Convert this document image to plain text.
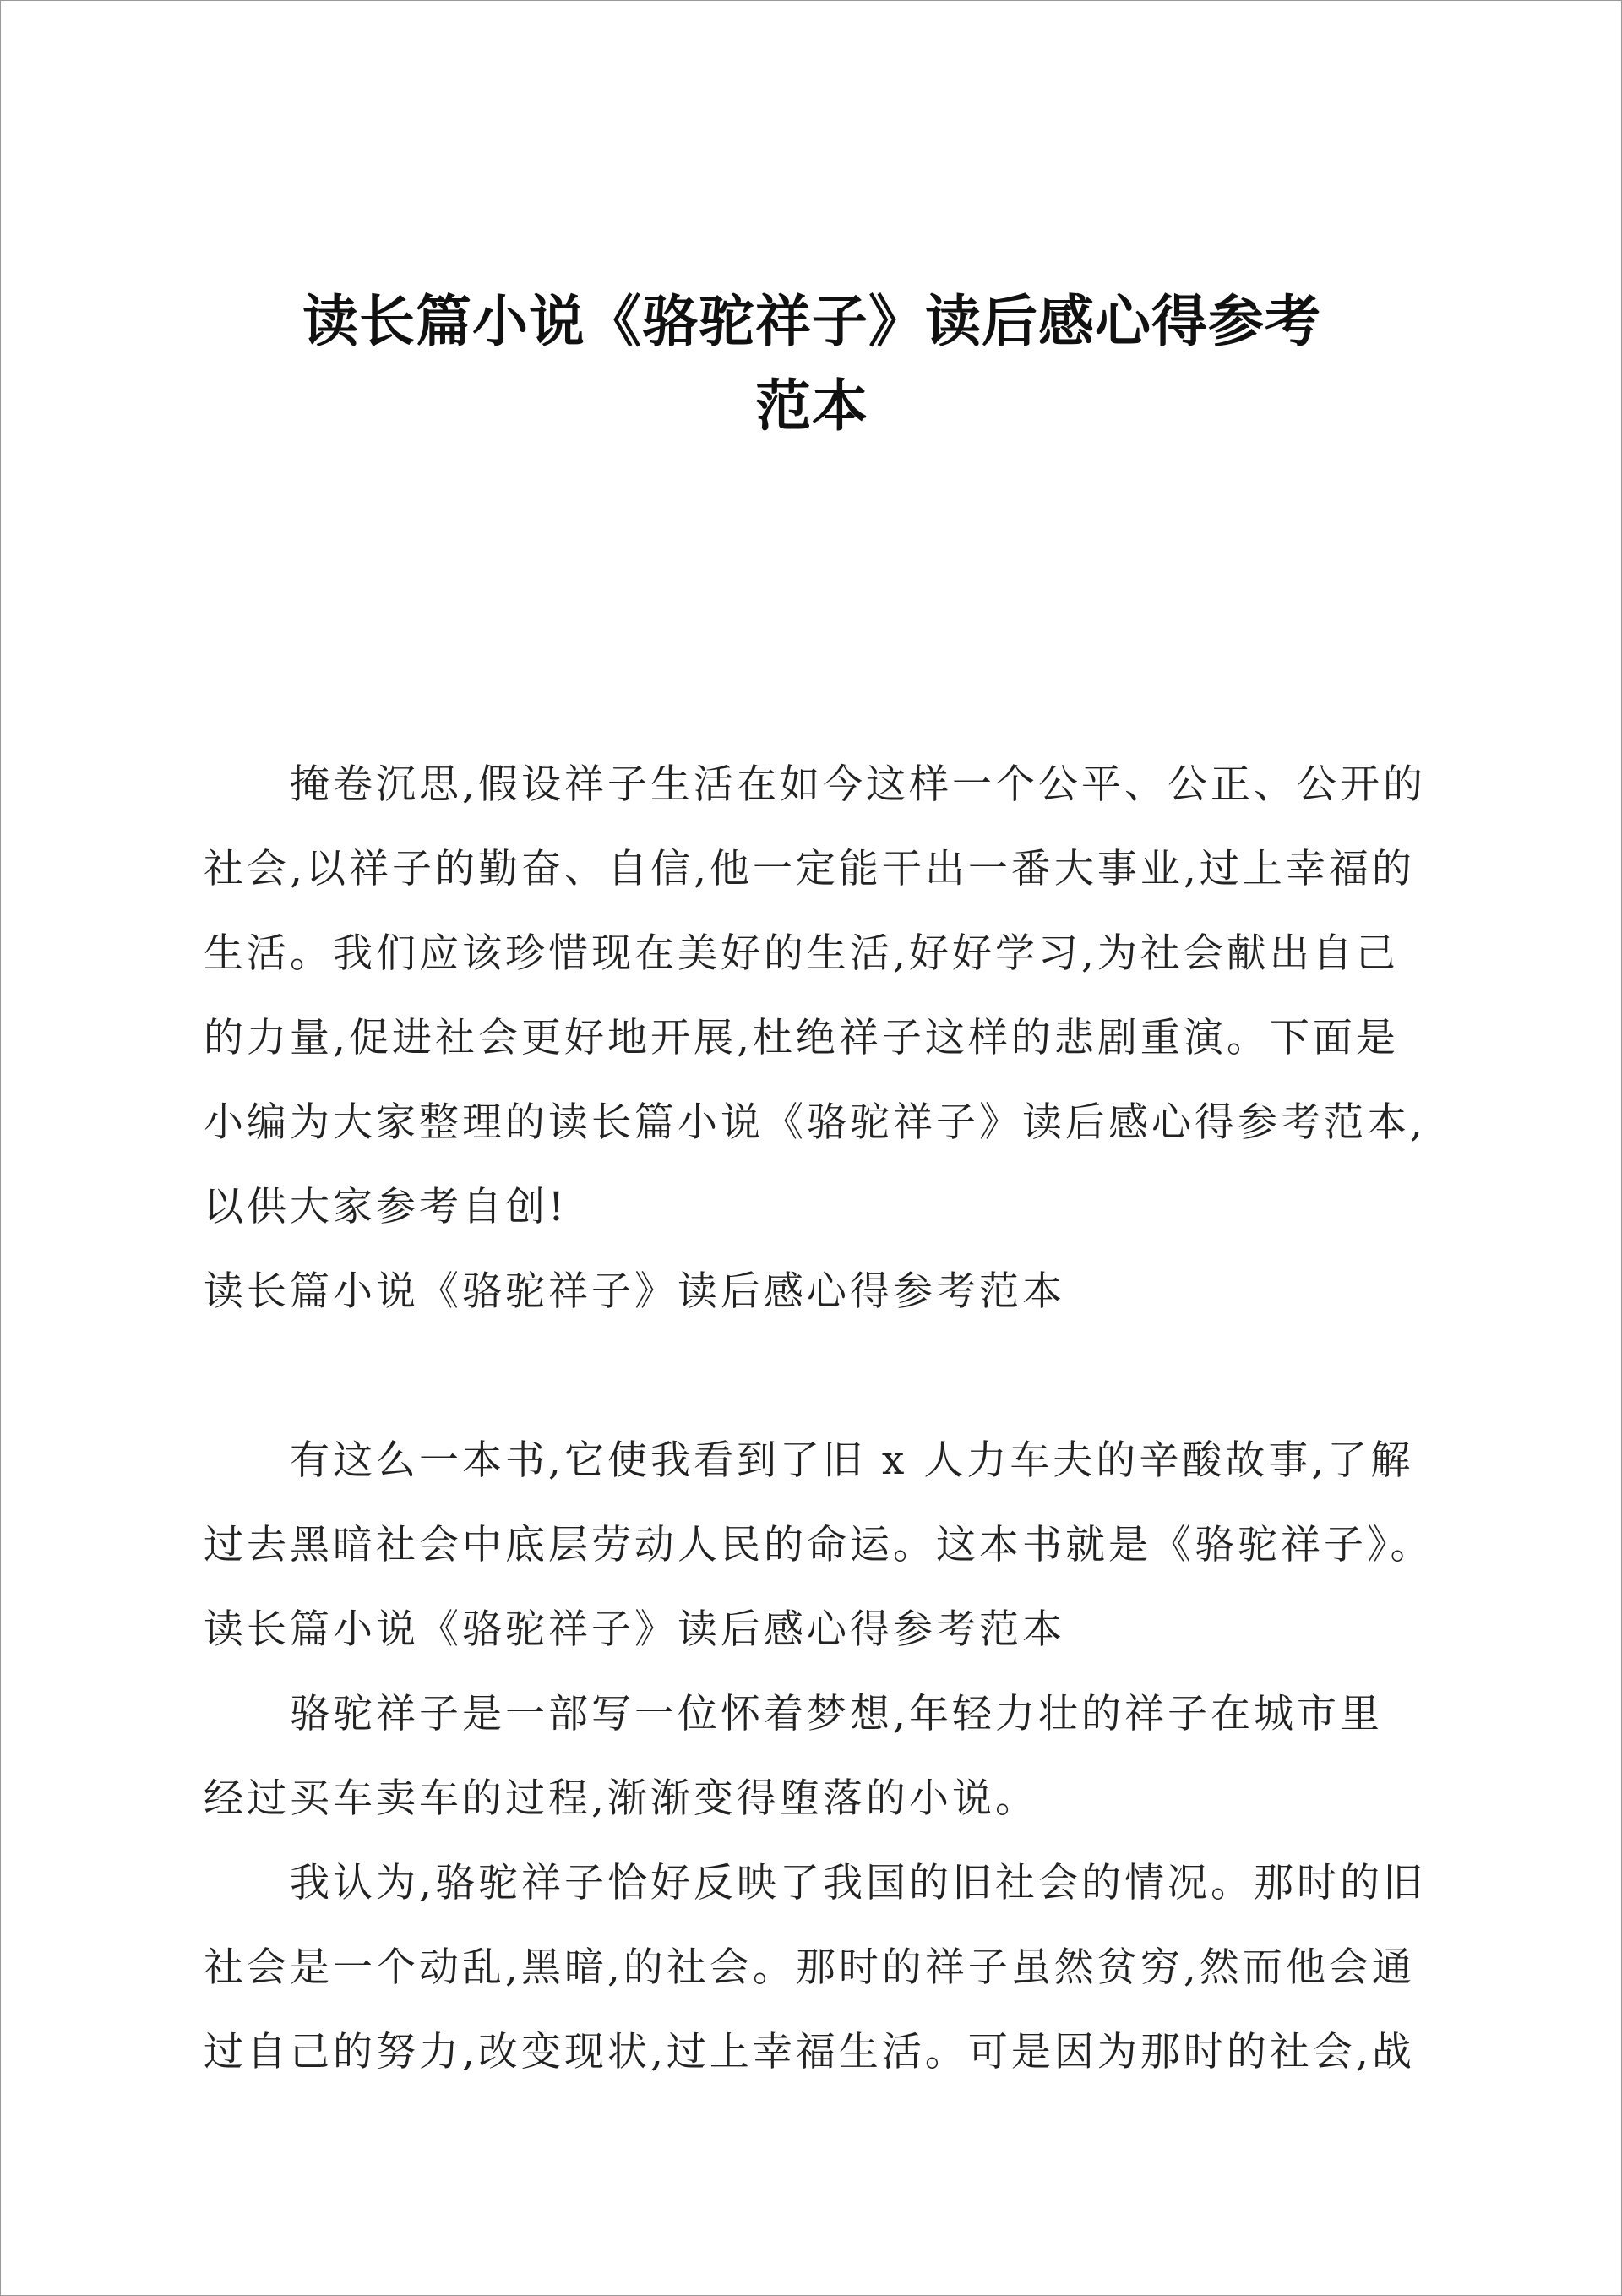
读长篇小说《骆驼祥子》读后感心得参考
范本

掩卷沉思,假设祥子生活在如今这样一个公平、公正、公开的

社会,以祥子的勤奋、自信,他一定能干出一番大事业,过上幸福的

生活。我们应该珍惜现在美好的生活,好好学习,为社会献出自己

的力量,促进社会更好地开展,杜绝祥子这样的悲剧重演。下面是

小编为大家整理的读长篇小说《骆驼祥子》读后感心得参考范本,

以供大家参考自创!

读长篇小说《骆驼祥子》读后感心得参考范本

有这么一本书,它使我看到了旧 x 人力车夫的辛酸故事,了解

过去黑暗社会中底层劳动人民的命运。这本书就是《骆驼祥子》。

读长篇小说《骆驼祥子》读后感心得参考范本

骆驼祥子是一部写一位怀着梦想,年轻力壮的祥子在城市里

经过买车卖车的过程,渐渐变得堕落的小说。

我认为,骆驼祥子恰好反映了我国的旧社会的情况。那时的旧

社会是一个动乱,黑暗,的社会。那时的祥子虽然贫穷,然而他会通

过自己的努力,改变现状,过上幸福生活。可是因为那时的社会,战
